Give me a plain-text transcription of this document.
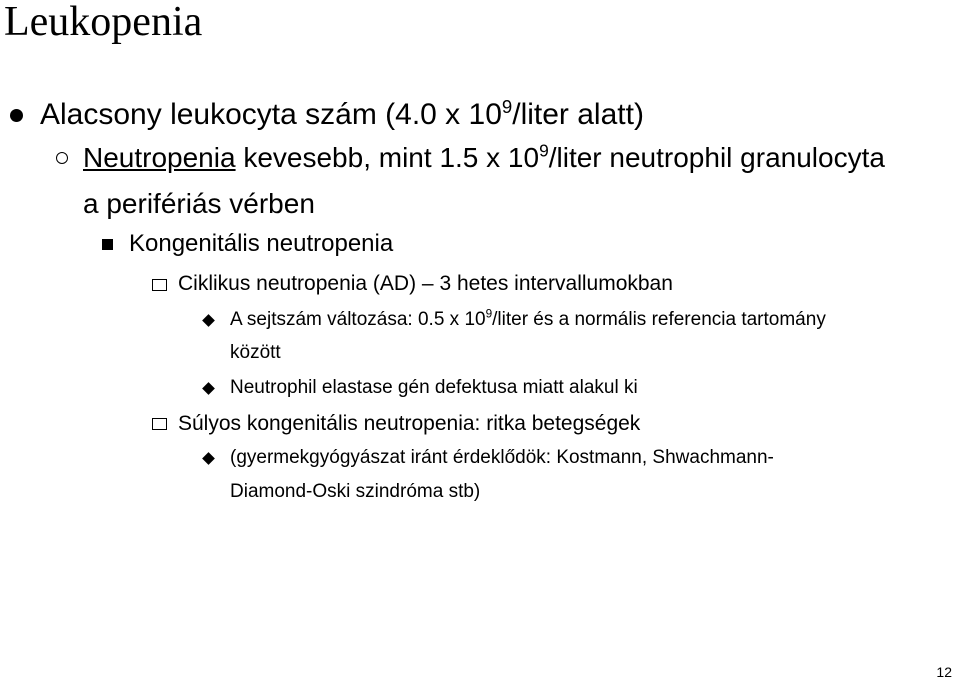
Leukopenia
Alacsony leukocyta szám (4.0 x $10^9$/liter alatt)
Neutropenia kevesebb, mint 1.5 x $10^9$/liter neutrophil granulocyta
a perifériás vérben
Kongenitális neutropenia
Ciklikus neutropenia (AD) – 3 hetes intervallumokban
A sejtszám változása: 0.5 x $10^9$/liter és a normális referencia tartomány
között
Neutrophil elastase gén defektusa miatt alakul ki
Súlyos kongenitális neutropenia: ritka betegségek
(gyermekgyógyászat iránt érdeklődök: Kostmann, Shwachmann-
Diamond-Oski szindróma stb)
12
